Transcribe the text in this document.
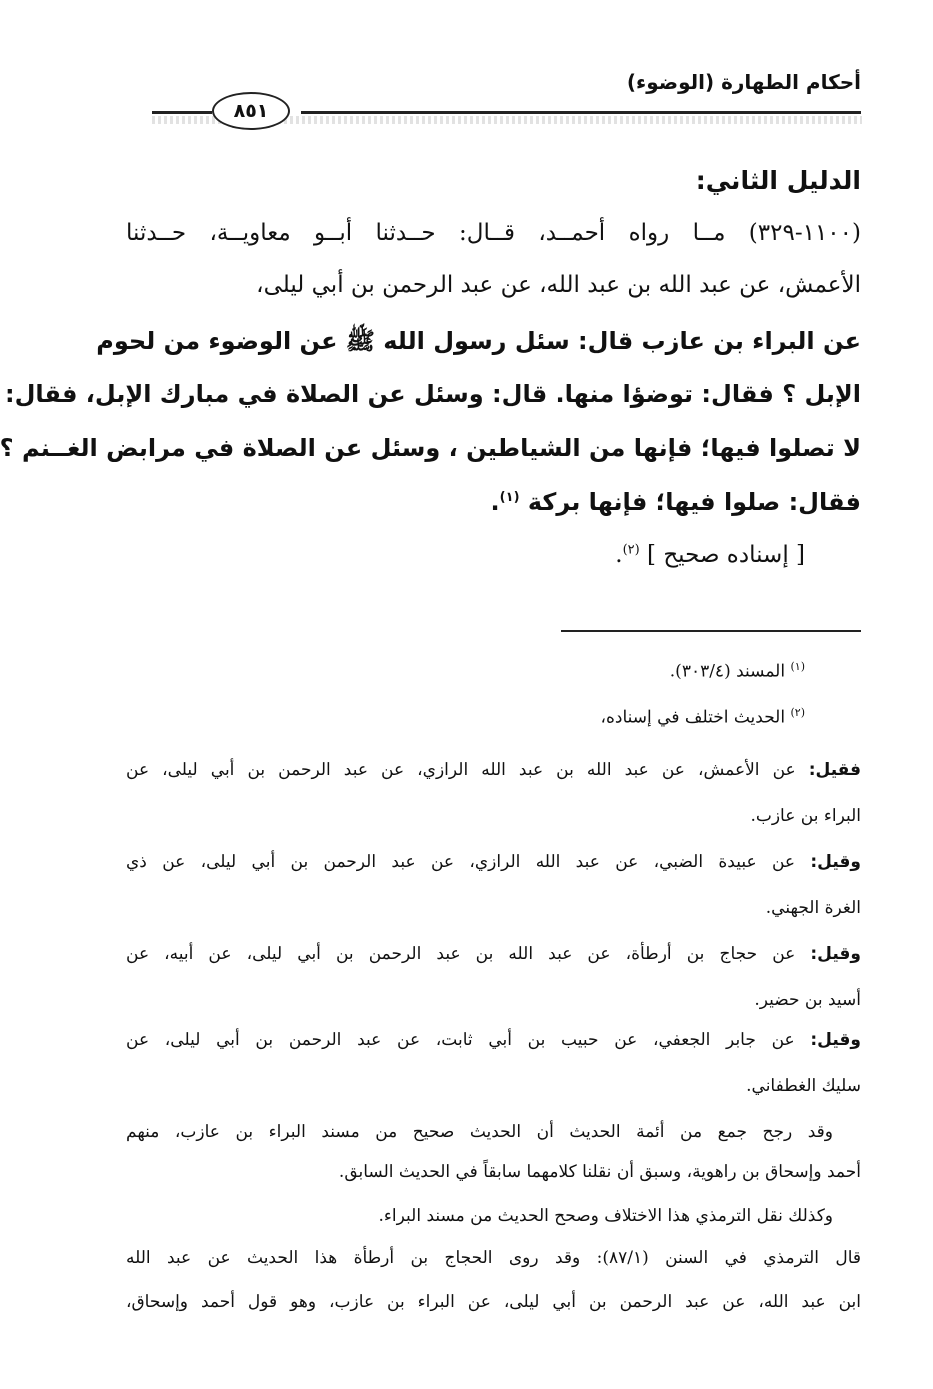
أحكام الطهارة (الوضوء)
٨٥١
الدليل الثاني:
(١١٠٠-٣٢٩) مــا رواه أحمــد، قــال: حــدثنا أبــو معاويــة، حــدثنا
الأعمش، عن عبد الله بن عبد الله، عن عبد الرحمن بن أبي ليلى،
عن البراء بن عازب قال: سئل رسول الله ﷺ عن الوضوء من لحوم
الإبل ؟ فقال: توضؤا منها. قال: وسئل عن الصلاة في مبارك الإبل، فقال:
لا تصلوا فيها؛ فإنها من الشياطين ، وسئل عن الصلاة في مرابض الغــنم ؟
فقال: صلوا فيها؛ فإنها بركة $^{(١)}$.
[ إسناده صحيح ] $^{(٢)}$.
$^{(١)}$ المسند (٣٠٣/٤).
$^{(٢)}$ الحديث اختلف في إسناده،
فقيل: عن الأعمش، عن عبد الله بن عبد الله الرازي، عن عبد الرحمن بن أبي ليلى، عن
البراء بن عازب.
وقيل: عن عبيدة الضبي، عن عبد الله الرازي، عن عبد الرحمن بن أبي ليلى، عن ذي
الغرة الجهني.
وقيل: عن حجاج بن أرطأة، عن عبد الله بن عبد الرحمن بن أبي ليلى، عن أبيه، عن
أسيد بن حضير.
وقيل: عن جابر الجعفي، عن حبيب بن أبي ثابت، عن عبد الرحمن بن أبي ليلى، عن
سليك الغطفاني.
وقد رجح جمع من أئمة الحديث أن الحديث صحيح من مسند البراء بن عازب، منهم
أحمد وإسحاق بن راهوية، وسبق أن نقلنا كلامهما سابقاً في الحديث السابق.
وكذلك نقل الترمذي هذا الاختلاف وصحح الحديث من مسند البراء.
قال الترمذي في السنن (٨٧/١): وقد روى الحجاج بن أرطأة هذا الحديث عن عبد الله
ابن عبد الله، عن عبد الرحمن بن أبي ليلى، عن البراء بن عازب، وهو قول أحمد وإسحاق،
